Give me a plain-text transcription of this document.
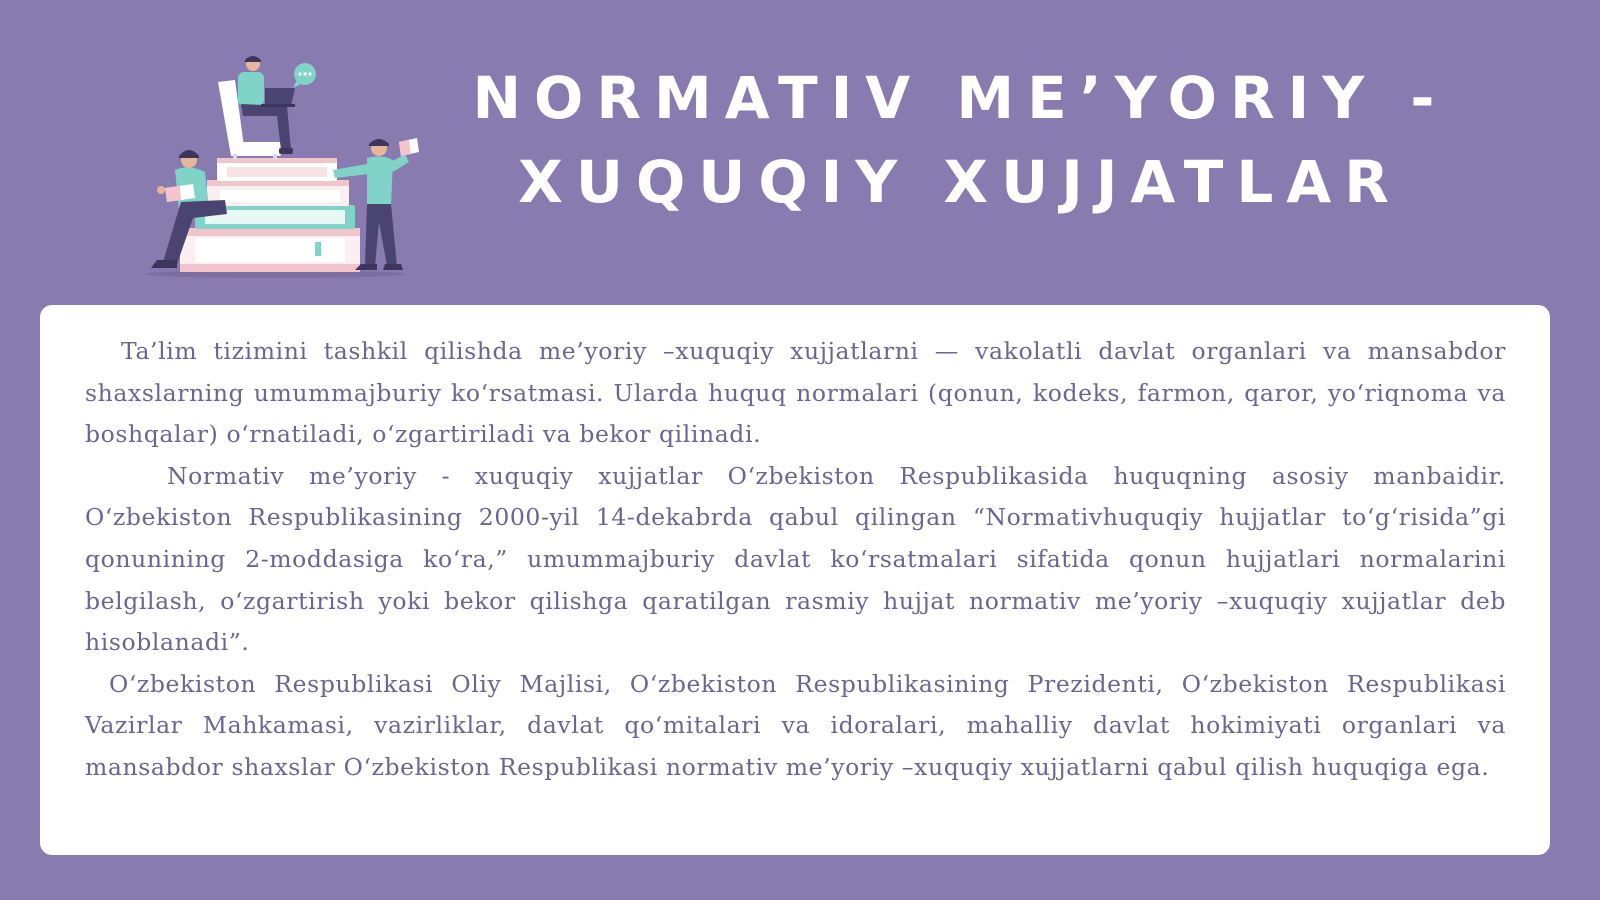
NORMATIV ME’YORIY -
XUQUQIY XUJJATLAR

Ta’lim tizimini tashkil qilishda me’yoriy –xuquqiy xujjatlarni — vakolatli davlat organlari va mansabdor shaxslarning umummajburiy koʻrsatmasi. Ularda huquq normalari (qonun, kodeks, farmon, qaror, yoʻriqnoma va boshqalar) oʻrnatiladi, oʻzgartiriladi va bekor qilinadi.

Normativ me’yoriy - xuquqiy xujjatlar Oʻzbekiston Respublikasida huquqning asosiy manbaidir. Oʻzbekiston Respublikasining 2000-yil 14-dekabrda qabul qilingan “Normativhuquqiy hujjatlar toʻgʻrisida”gi qonunining 2-moddasiga koʻra,” umummajburiy davlat koʻrsatmalari sifatida qonun hujjatlari normalarini belgilash, oʻzgartirish yoki bekor qilishga qaratilgan rasmiy hujjat normativ me’yoriy –xuquqiy xujjatlar deb hisoblanadi”.

Oʻzbekiston Respublikasi Oliy Majlisi, Oʻzbekiston Respublikasining Prezidenti, Oʻzbekiston Respublikasi Vazirlar Mahkamasi, vazirliklar, davlat qoʻmitalari va idoralari, mahalliy davlat hokimiyati organlari va mansabdor shaxslar Oʻzbekiston Respublikasi normativ me’yoriy –xuquqiy xujjatlarni qabul qilish huquqiga ega.
